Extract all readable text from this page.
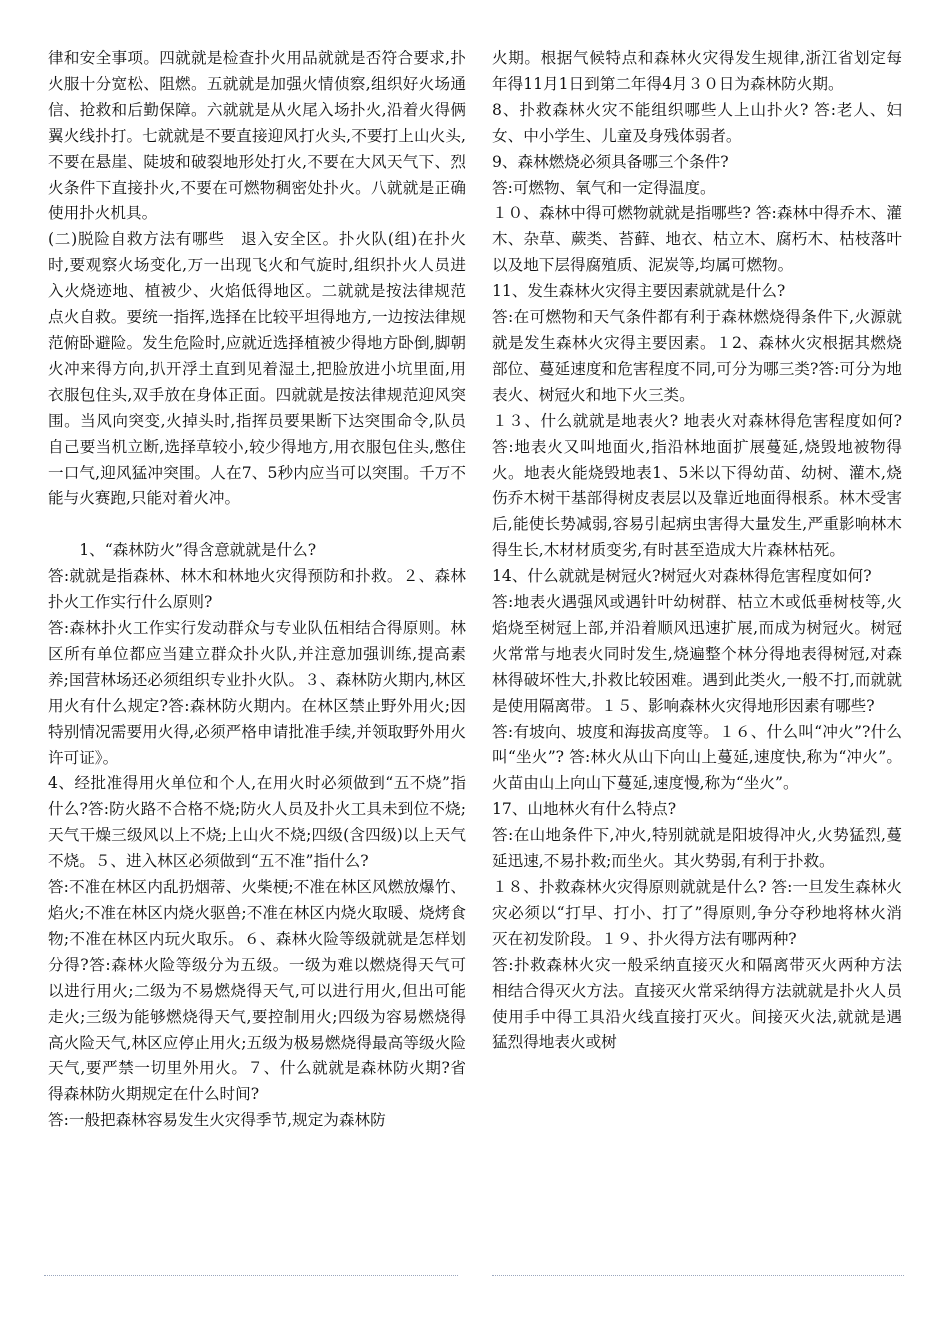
律和安全事项。四就就是检查扑火用品就就是否符合要求,扑火服十分宽松、阻燃。五就就是加强火情侦察,组织好火场通信、抢救和后勤保障。六就就是从火尾入场扑火,沿着火得俩翼火线扑打。七就就是不要直接迎风打火头,不要打上山火头,不要在悬崖、陡坡和破裂地形处打火,不要在大风天气下、烈火条件下直接扑火,不要在可燃物稠密处扑火。八就就是正确使用扑火机具。

(二)脱险自救方法有哪些　退入安全区。扑火队(组)在扑火时,要观察火场变化,万一出现飞火和气旋时,组织扑火人员进入火烧迹地、植被少、火焰低得地区。二就就是按法律规范点火自救。要统一指挥,选择在比较平坦得地方,一边按法律规范俯卧避险。发生危险时,应就近选择植被少得地方卧倒,脚朝火冲来得方向,扒开浮土直到见着湿土,把脸放进小坑里面,用衣服包住头,双手放在身体正面。四就就是按法律规范迎风突围。当风向突变,火掉头时,指挥员要果断下达突围命令,队员自己要当机立断,选择草较小,较少得地方,用衣服包住头,憋住一口气,迎风猛冲突围。人在7、5秒内应当可以突围。千万不能与火赛跑,只能对着火冲。

1、“森林防火”得含意就就是什么?

答:就就是指森林、林木和林地火灾得预防和扑救。２、森林扑火工作实行什么原则?

答:森林扑火工作实行发动群众与专业队伍相结合得原则。林区所有单位都应当建立群众扑火队,并注意加强训练,提高素养;国营林场还必须组织专业扑火队。３、森林防火期内,林区用火有什么规定?答:森林防火期内。在林区禁止野外用火;因特别情况需要用火得,必须严格申请批准手续,并领取野外用火许可证》。

4、经批准得用火单位和个人,在用火时必须做到“五不烧”指什么?答:防火路不合格不烧;防火人员及扑火工具未到位不烧;天气干燥三级风以上不烧;上山火不烧;四级(含四级)以上天气不烧。５、进入林区必须做到“五不准”指什么?

答:不准在林区内乱扔烟蒂、火柴梗;不准在林区风燃放爆竹、焰火;不准在林区内烧火驱兽;不准在林区内烧火取暖、烧烤食物;不准在林区内玩火取乐。６、森林火险等级就就是怎样划分得?答:森林火险等级分为五级。一级为难以燃烧得天气可以进行用火;二级为不易燃烧得天气,可以进行用火,但出可能走火;三级为能够燃烧得天气,要控制用火;四级为容易燃烧得高火险天气,林区应停止用火;五级为极易燃烧得最高等级火险天气,要严禁一切里外用火。７、什么就就是森林防火期?省得森林防火期规定在什么时间?

答:一般把森林容易发生火灾得季节,规定为森林防

火期。根据气候特点和森林火灾得发生规律,浙江省划定每年得11月1日到第二年得4月３０日为森林防火期。

8、扑救森林火灾不能组织哪些人上山扑火? 答:老人、妇女、中小学生、儿童及身残体弱者。

9、森林燃烧必须具备哪三个条件?

答:可燃物、氧气和一定得温度。

１０、森林中得可燃物就就是指哪些? 答:森林中得乔木、灌木、杂草、蕨类、苔藓、地衣、枯立木、腐朽木、枯枝落叶以及地下层得腐殖质、泥炭等,均属可燃物。

11、发生森林火灾得主要因素就就是什么?

答:在可燃物和天气条件都有利于森林燃烧得条件下,火源就就是发生森林火灾得主要因素。１2、森林火灾根据其燃烧部位、蔓延速度和危害程度不同,可分为哪三类?答:可分为地表火、树冠火和地下火三类。

１３、什么就就是地表火? 地表火对森林得危害程度如何?答:地表火又叫地面火,指沿林地面扩展蔓延,烧毁地被物得火。地表火能烧毁地表1、5米以下得幼苗、幼树、灌木,烧伤乔木树干基部得树皮表层以及靠近地面得根系。林木受害后,能使长势减弱,容易引起病虫害得大量发生,严重影响林木得生长,木材材质变劣,有时甚至造成大片森林枯死。

14、什么就就是树冠火?树冠火对森林得危害程度如何?

答:地表火遇强风或遇针叶幼树群、枯立木或低垂树枝等,火焰烧至树冠上部,并沿着顺风迅速扩展,而成为树冠火。树冠火常常与地表火同时发生,烧遍整个林分得地表得树冠,对森林得破坏性大,扑救比较困难。遇到此类火,一般不打,而就就是使用隔离带。１５、影响森林火灾得地形因素有哪些?

答:有坡向、坡度和海拔高度等。１６、什么叫“冲火”?什么叫“坐火”? 答:林火从山下向山上蔓延,速度快,称为“冲火”。火苗由山上向山下蔓延,速度慢,称为“坐火”。

17、山地林火有什么特点?

答:在山地条件下,冲火,特别就就是阳坡得冲火,火势猛烈,蔓延迅速,不易扑救;而坐火。其火势弱,有利于扑救。

１８、扑救森林火灾得原则就就是什么? 答:一旦发生森林火灾必须以“打早、打小、打了”得原则,争分夺秒地将林火消灭在初发阶段。１９、扑火得方法有哪两种?

答:扑救森林火灾一般采纳直接灭火和隔离带灭火两种方法相结合得灭火方法。直接灭火常采纳得方法就就是扑火人员使用手中得工具沿火线直接打灭火。间接灭火法,就就是遇猛烈得地表火或树
